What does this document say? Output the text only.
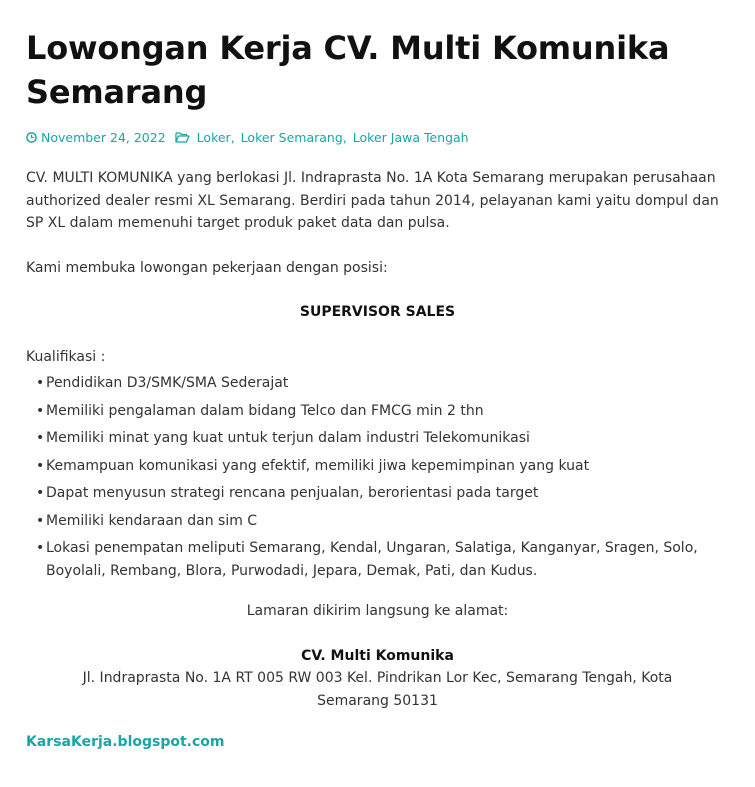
Lowongan Kerja CV. Multi Komunika Semarang
November 24, 2022 Loker , Loker Semarang , Loker Jawa Tengah

CV. MULTI KOMUNIKA yang berlokasi Jl. Indraprasta No. 1A Kota Semarang merupakan perusahaan authorized dealer resmi XL Semarang. Berdiri pada tahun 2014, pelayanan kami yaitu dompul dan SP XL dalam memenuhi target produk paket data dan pulsa.

Kami membuka lowongan pekerjaan dengan posisi:

SUPERVISOR SALES

Kualifikasi :

• Pendidikan D3/SMK/SMA Sederajat
• Memiliki pengalaman dalam bidang Telco dan FMCG min 2 thn
• Memiliki minat yang kuat untuk terjun dalam industri Telekomunikasi
• Kemampuan komunikasi yang efektif, memiliki jiwa kepemimpinan yang kuat
• Dapat menyusun strategi rencana penjualan, berorientasi pada target
• Memiliki kendaraan dan sim C
• Lokasi penempatan meliputi Semarang, Kendal, Ungaran, Salatiga, Kanganyar, Sragen, Solo, Boyolali, Rembang, Blora, Purwodadi, Jepara, Demak, Pati, dan Kudus.

Lamaran dikirim langsung ke alamat:

CV. Multi Komunika

Jl. Indraprasta No. 1A RT 005 RW 003 Kel. Pindrikan Lor Kec, Semarang Tengah, Kota Semarang 50131

KarsaKerja.blogspot.com
